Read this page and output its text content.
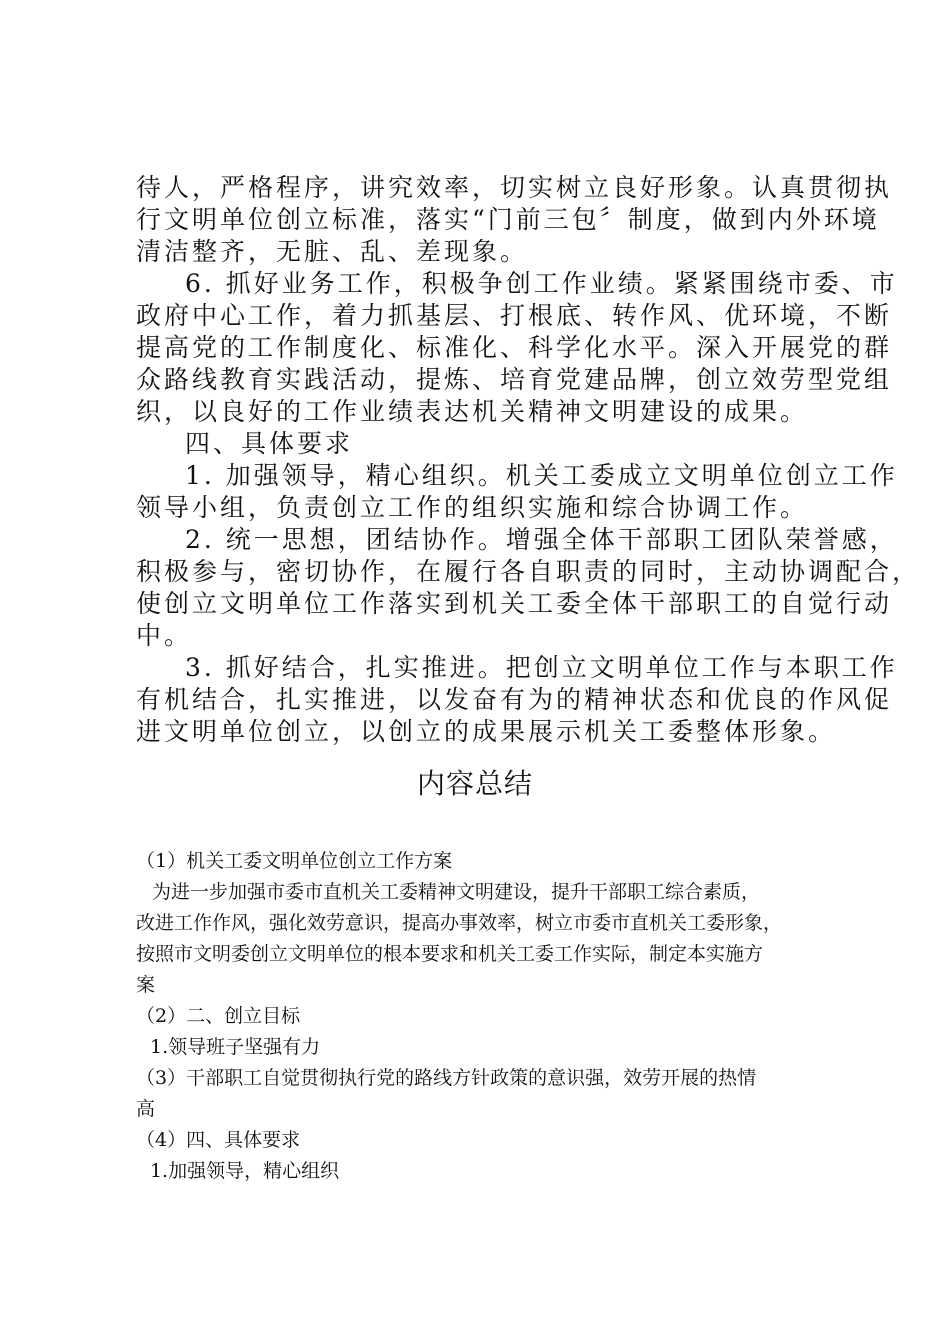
待人，严格程序，讲究效率，切实树立良好形象。认真贯彻执
行文明单位创立标准，落实“门前三包〞制度，做到内外环境
清洁整齐，无脏、乱、差现象。
6. 抓好业务工作，积极争创工作业绩。紧紧围绕市委、市
政府中心工作，着力抓基层、打根底、转作风、优环境，不断
提高党的工作制度化、标准化、科学化水平。深入开展党的群
众路线教育实践活动，提炼、培育党建品牌，创立效劳型党组
织，以良好的工作业绩表达机关精神文明建设的成果。
四、具体要求
1. 加强领导，精心组织。机关工委成立文明单位创立工作
领导小组，负责创立工作的组织实施和综合协调工作。
2. 统一思想，团结协作。增强全体干部职工团队荣誉感，
积极参与，密切协作，在履行各自职责的同时，主动协调配合，
使创立文明单位工作落实到机关工委全体干部职工的自觉行动
中。
3. 抓好结合，扎实推进。把创立文明单位工作与本职工作
有机结合，扎实推进，以发奋有为的精神状态和优良的作风促
进文明单位创立，以创立的成果展示机关工委整体形象。
内容总结
（1）机关工委文明单位创立工作方案
为进一步加强市委市直机关工委精神文明建设，提升干部职工综合素质，
改进工作作风，强化效劳意识，提高办事效率，树立市委市直机关工委形象，
按照市文明委创立文明单位的根本要求和机关工委工作实际，制定本实施方
案
（2）二、创立目标
1.领导班子坚强有力
（3）干部职工自觉贯彻执行党的路线方针政策的意识强，效劳开展的热情
高
（4）四、具体要求
1.加强领导，精心组织
